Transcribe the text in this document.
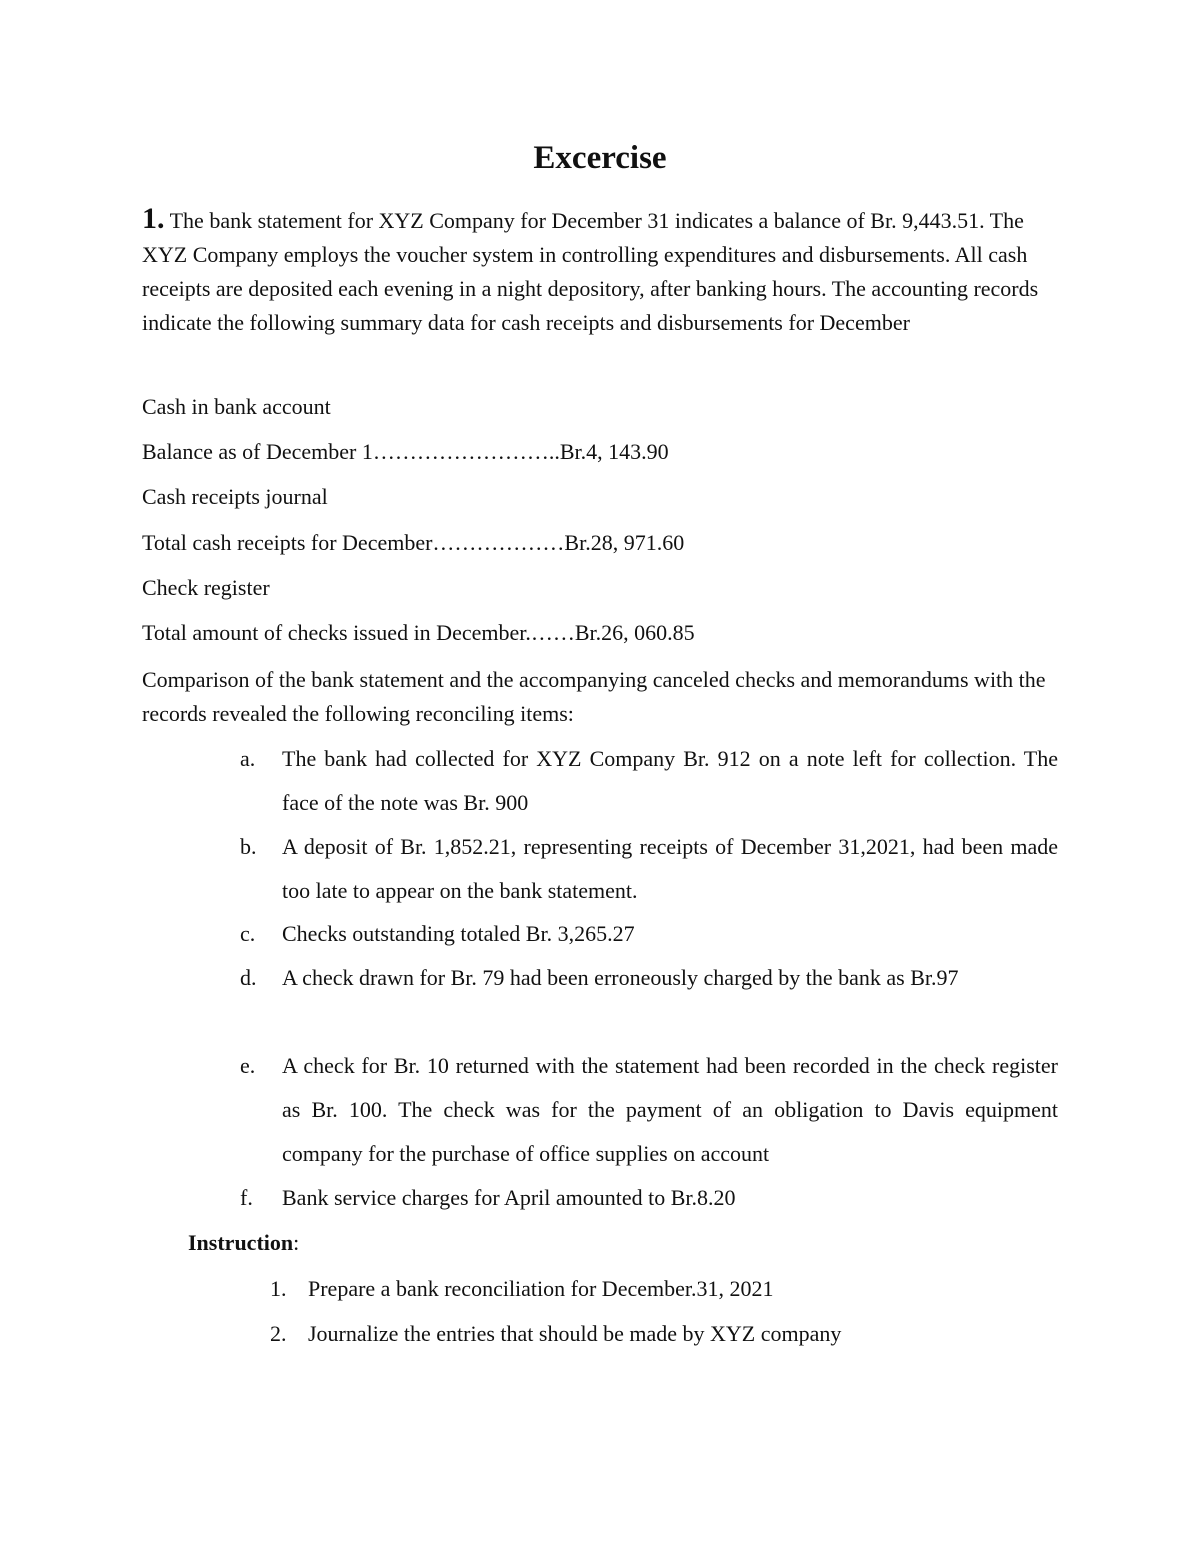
Excercise

1. The bank statement for XYZ Company for December 31 indicates a balance of Br. 9,443.51. The XYZ Company employs the voucher system in controlling expenditures and disbursements. All cash receipts are deposited each evening in a night depository, after banking hours. The accounting records indicate the following summary data for cash receipts and disbursements for December

Cash in bank account

Balance as of December 1……………………..Br.4, 143.90

Cash receipts journal

Total cash receipts for December………………Br.28, 971.60

Check register

Total amount of checks issued in December.……Br.26, 060.85

Comparison of the bank statement and the accompanying canceled checks and memorandums with the records revealed the following reconciling items:

a.	The bank had collected for XYZ Company Br. 912 on a note left for collection. The face of the note was Br. 900
b.	A deposit of Br. 1,852.21, representing receipts of December 31,2021, had been made too late to appear on the bank statement.
c.	Checks outstanding totaled Br. 3,265.27
d.	A check drawn for Br. 79 had been erroneously charged by the bank as Br.97
e.	A check for Br. 10 returned with the statement had been recorded in the check register as Br. 100. The check was for the payment of an obligation to Davis equipment company for the purchase of office supplies on account
f.	Bank service charges for April amounted to Br.8.20

Instruction:

1. Prepare a bank reconciliation for December.31, 2021
2. Journalize the entries that should be made by XYZ company
